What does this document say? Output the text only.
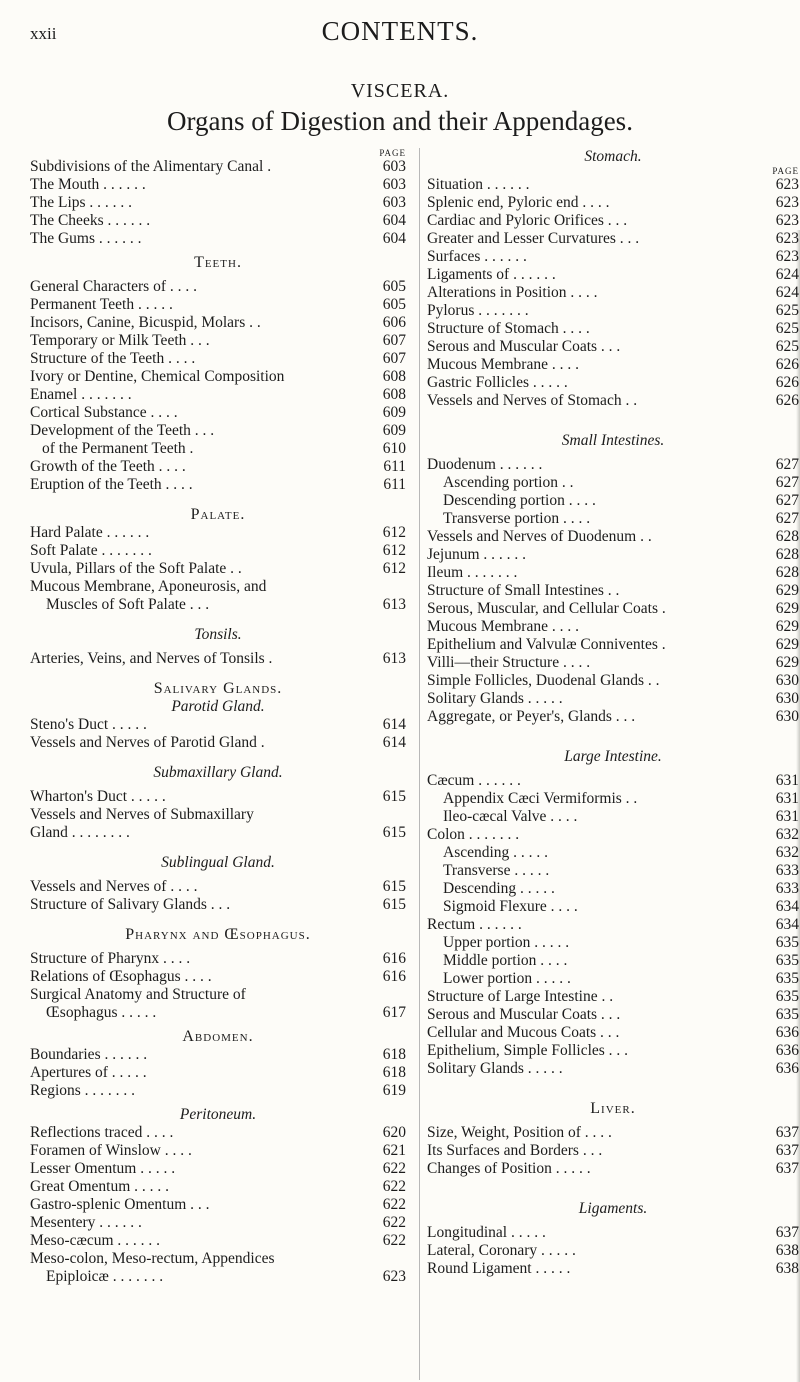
xxii	CONTENTS.
VISCERA.
Organs of Digestion and their Appendages.
PAGE
Subdivisions of the Alimentary Canal .	603
The Mouth . . . . . .	603
The Lips . . . . . .	603
The Cheeks . . . . . .	604
The Gums . . . . . .	604
Teeth.
General Characters of . . . .	605
Permanent Teeth . . . . .	605
Incisors, Canine, Bicuspid, Molars . .	606
Temporary or Milk Teeth . . .	607
Structure of the Teeth . . . .	607
Ivory or Dentine, Chemical Composition	608
Enamel . . . . . . .	608
Cortical Substance . . . .	609
Development of the Teeth . . .	609
of the Permanent Teeth .	610
Growth of the Teeth . . . .	611
Eruption of the Teeth . . . .	611
Palate.
Hard Palate . . . . . .	612
Soft Palate . . . . . . .	612
Uvula, Pillars of the Soft Palate . .	612
Mucous Membrane, Aponeurosis, and
Muscles of Soft Palate . . .	613
Tonsils.
Arteries, Veins, and Nerves of Tonsils .	613
Salivary Glands.
Parotid Gland.
Steno's Duct . . . . .	614
Vessels and Nerves of Parotid Gland .	614
Submaxillary Gland.
Wharton's Duct . . . . .	615
Vessels and Nerves of Submaxillary
Gland . . . . . . . .	615
Sublingual Gland.
Vessels and Nerves of . . . .	615
Structure of Salivary Glands . . .	615
Pharynx and Œsophagus.
Structure of Pharynx . . . .	616
Relations of Œsophagus . . . .	616
Surgical Anatomy and Structure of
Œsophagus . . . . .	617
Abdomen.
Boundaries . . . . . .	618
Apertures of . . . . .	618
Regions . . . . . . .	619
Peritoneum.
Reflections traced . . . .	620
Foramen of Winslow . . . .	621
Lesser Omentum . . . . .	622
Great Omentum . . . . .	622
Gastro-splenic Omentum . . .	622
Mesentery . . . . . .	622
Meso-cæcum . . . . . .	622
Meso-colon, Meso-rectum, Appendices
Epiploicæ . . . . . . .	623
Stomach.
PAGE
Situation . . . . . .	623
Splenic end, Pyloric end . . . .	623
Cardiac and Pyloric Orifices . . .	623
Greater and Lesser Curvatures . . .	623
Surfaces . . . . . .	623
Ligaments of . . . . . .	624
Alterations in Position . . . .	624
Pylorus . . . . . . .	625
Structure of Stomach . . . .	625
Serous and Muscular Coats . . .	625
Mucous Membrane . . . .	626
Gastric Follicles . . . . .	626
Vessels and Nerves of Stomach . .	626
Small Intestines.
Duodenum . . . . . .	627
Ascending portion . .	627
Descending portion . . . .	627
Transverse portion . . . .	627
Vessels and Nerves of Duodenum . .	628
Jejunum . . . . . .	628
Ileum . . . . . . .	628
Structure of Small Intestines . .	629
Serous, Muscular, and Cellular Coats .	629
Mucous Membrane . . . .	629
Epithelium and Valvulæ Conniventes .	629
Villi—their Structure . . . .	629
Simple Follicles, Duodenal Glands . .	630
Solitary Glands . . . . .	630
Aggregate, or Peyer's, Glands . . .	630
Large Intestine.
Cæcum . . . . . .	631
Appendix Cæci Vermiformis . .	631
Ileo-cæcal Valve . . . .	631
Colon . . . . . . .	632
Ascending . . . . .	632
Transverse . . . . .	633
Descending . . . . .	633
Sigmoid Flexure . . . .	634
Rectum . . . . . .	634
Upper portion . . . . .	635
Middle portion . . . .	635
Lower portion . . . . .	635
Structure of Large Intestine . .	635
Serous and Muscular Coats . . .	635
Cellular and Mucous Coats . . .	636
Epithelium, Simple Follicles . . .	636
Solitary Glands . . . . .	636
Liver.
Size, Weight, Position of . . . .	637
Its Surfaces and Borders . . .	637
Changes of Position . . . . .	637
Ligaments.
Longitudinal . . . . .	637
Lateral, Coronary . . . . .	638
Round Ligament . . . . .	638
